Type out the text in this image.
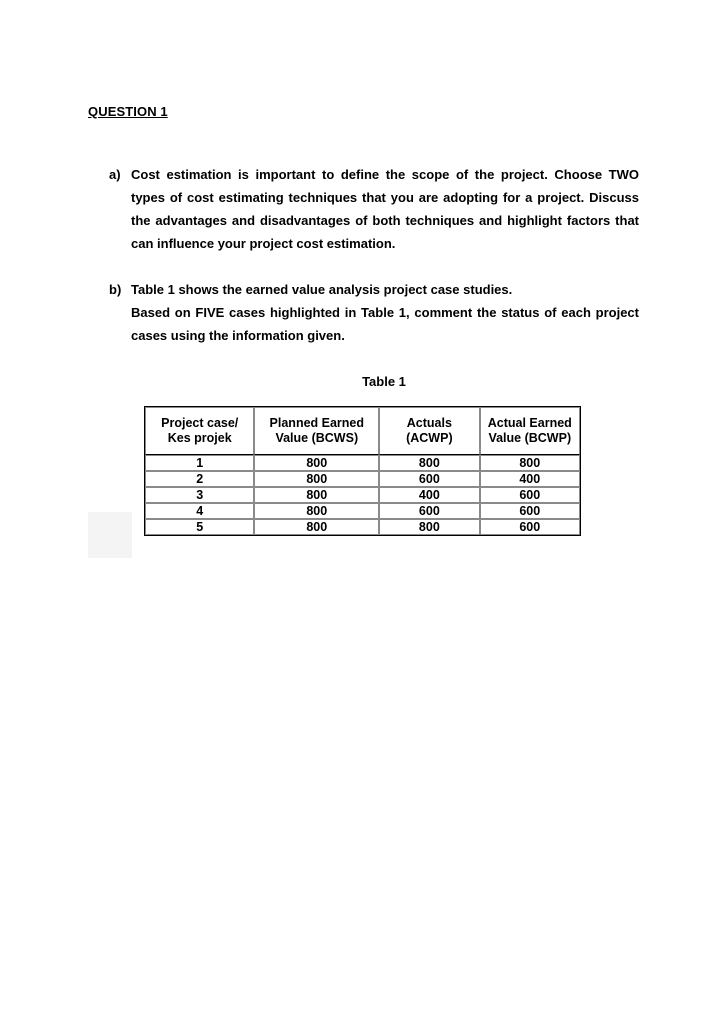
QUESTION 1
a) Cost estimation is important to define the scope of the project. Choose TWO types of cost estimating techniques that you are adopting for a project. Discuss the advantages and disadvantages of both techniques and highlight factors that can influence your project cost estimation.

b) Table 1 shows the earned value analysis project case studies.

Based on FIVE cases highlighted in Table 1, comment the status of each project cases using the information given.

Table 1
Project case/ Kes projek	Planned Earned Value (BCWS)	Actuals (ACWP)	Actual Earned Value (BCWP)
1	800	800	800
2	800	600	400
3	800	400	600
4	800	600	600
5	800	800	600
